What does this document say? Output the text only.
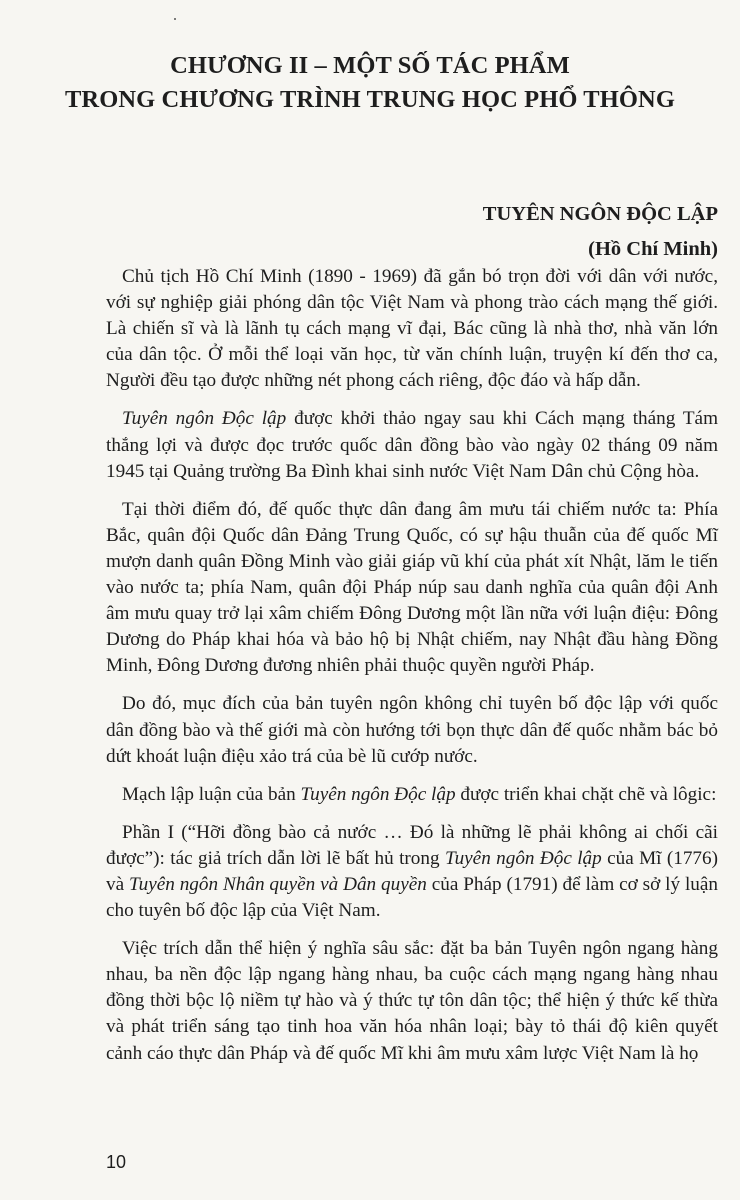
CHƯƠNG II – MỘT SỐ TÁC PHẨM
TRONG CHƯƠNG TRÌNH TRUNG HỌC PHỔ THÔNG
TUYÊN NGÔN ĐỘC LẬP
(Hồ Chí Minh)

Chủ tịch Hồ Chí Minh (1890 - 1969) đã gắn bó trọn đời với dân với nước, với sự nghiệp giải phóng dân tộc Việt Nam và phong trào cách mạng thế giới. Là chiến sĩ và là lãnh tụ cách mạng vĩ đại, Bác cũng là nhà thơ, nhà văn lớn của dân tộc. Ở mỗi thể loại văn học, từ văn chính luận, truyện kí đến thơ ca, Người đều tạo được những nét phong cách riêng, độc đáo và hấp dẫn.

Tuyên ngôn Độc lập được khởi thảo ngay sau khi Cách mạng tháng Tám thắng lợi và được đọc trước quốc dân đồng bào vào ngày 02 tháng 09 năm 1945 tại Quảng trường Ba Đình khai sinh nước Việt Nam Dân chủ Cộng hòa.

Tại thời điểm đó, đế quốc thực dân đang âm mưu tái chiếm nước ta: Phía Bắc, quân đội Quốc dân Đảng Trung Quốc, có sự hậu thuẫn của đế quốc Mĩ mượn danh quân Đồng Minh vào giải giáp vũ khí của phát xít Nhật, lăm le tiến vào nước ta; phía Nam, quân đội Pháp núp sau danh nghĩa của quân đội Anh âm mưu quay trở lại xâm chiếm Đông Dương một lần nữa với luận điệu: Đông Dương do Pháp khai hóa và bảo hộ bị Nhật chiếm, nay Nhật đầu hàng Đồng Minh, Đông Dương đương nhiên phải thuộc quyền người Pháp.

Do đó, mục đích của bản tuyên ngôn không chỉ tuyên bố độc lập với quốc dân đồng bào và thế giới mà còn hướng tới bọn thực dân đế quốc nhằm bác bỏ dứt khoát luận điệu xảo trá của bè lũ cướp nước.

Mạch lập luận của bản Tuyên ngôn Độc lập được triển khai chặt chẽ và lôgic:

Phần I (“Hỡi đồng bào cả nước … Đó là những lẽ phải không ai chối cãi được”): tác giả trích dẫn lời lẽ bất hủ trong Tuyên ngôn Độc lập của Mĩ (1776) và Tuyên ngôn Nhân quyền và Dân quyền của Pháp (1791) để làm cơ sở lý luận cho tuyên bố độc lập của Việt Nam.

Việc trích dẫn thể hiện ý nghĩa sâu sắc: đặt ba bản Tuyên ngôn ngang hàng nhau, ba nền độc lập ngang hàng nhau, ba cuộc cách mạng ngang hàng nhau đồng thời bộc lộ niềm tự hào và ý thức tự tôn dân tộc; thể hiện ý thức kế thừa và phát triển sáng tạo tinh hoa văn hóa nhân loại; bày tỏ thái độ kiên quyết cảnh cáo thực dân Pháp và đế quốc Mĩ khi âm mưu xâm lược Việt Nam là họ

10
